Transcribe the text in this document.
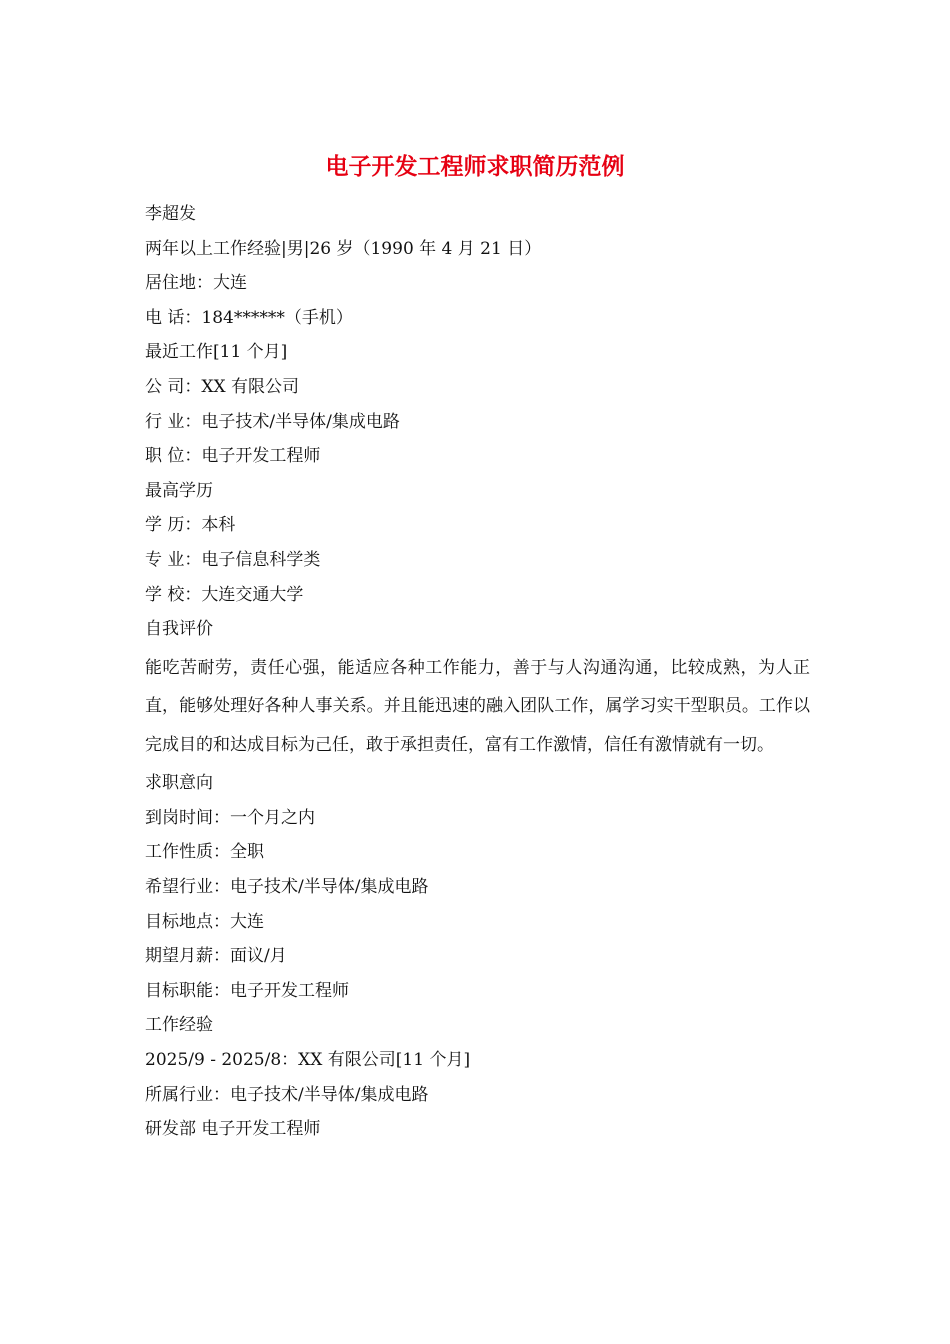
电子开发工程师求职简历范例
李超发
两年以上工作经验|男|26 岁（1990 年 4 月 21 日）
居住地：大连
电 话：184******（手机）
最近工作[11 个月]
公 司：XX 有限公司
行 业：电子技术/半导体/集成电路
职 位：电子开发工程师
最高学历
学 历：本科
专 业：电子信息科学类
学 校：大连交通大学
自我评价
能吃苦耐劳，责任心强，能适应各种工作能力，善于与人沟通沟通，比较成熟，为人正直，能够处理好各种人事关系。并且能迅速的融入团队工作，属学习实干型职员。工作以完成目的和达成目标为己任，敢于承担责任，富有工作激情，信任有激情就有一切。
求职意向
到岗时间：一个月之内
工作性质：全职
希望行业：电子技术/半导体/集成电路
目标地点：大连
期望月薪：面议/月
目标职能：电子开发工程师
工作经验
2025/9 - 2025/8：XX 有限公司[11 个月]
所属行业：电子技术/半导体/集成电路
研发部 电子开发工程师
